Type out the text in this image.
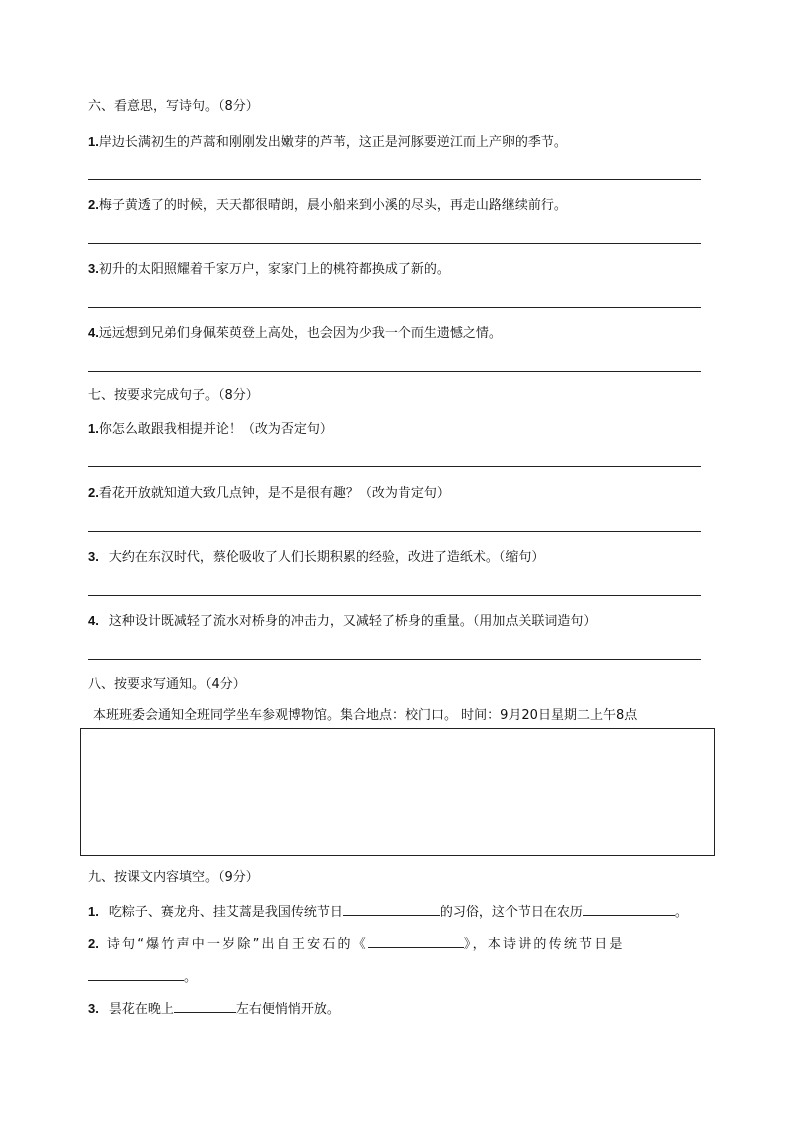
六、看意思，写诗句。（8分）
1.岸边长满初生的芦蒿和刚刚发出嫩芽的芦苇，这正是河豚要逆江而上产卵的季节。
2.梅子黄透了的时候，天天都很晴朗，晨小船来到小溪的尽头，再走山路继续前行。
3.初升的太阳照耀着千家万户，家家门上的桃符都换成了新的。
4.远远想到兄弟们身佩茱萸登上高处，也会因为少我一个而生遗憾之情。
七、按要求完成句子。（8分）
1.你怎么敢跟我相提并论！（改为否定句）
2.看花开放就知道大致几点钟，是不是很有趣？（改为肯定句）
3. 大约在东汉时代，蔡伦吸收了人们长期积累的经验，改进了造纸术。（缩句）
4. 这种设计既减轻了流水对桥身的冲击力，又减轻了桥身的重量。（用加点关联词造句）
八、按要求写通知。（4分）
本班班委会通知全班同学坐车参观博物馆。集合地点：校门口。 时间：9月20日星期二上午8点
九、按课文内容填空。（9分）
1. 吃粽子、赛龙舟、挂艾蒿是我国传统节日	的习俗，这个节日在农历	。
2. 诗句“爆竹声中一岁除”出自王安石的《	》，本诗讲的传统节日是
。
3. 昙花在晚上	左右便悄悄开放。
